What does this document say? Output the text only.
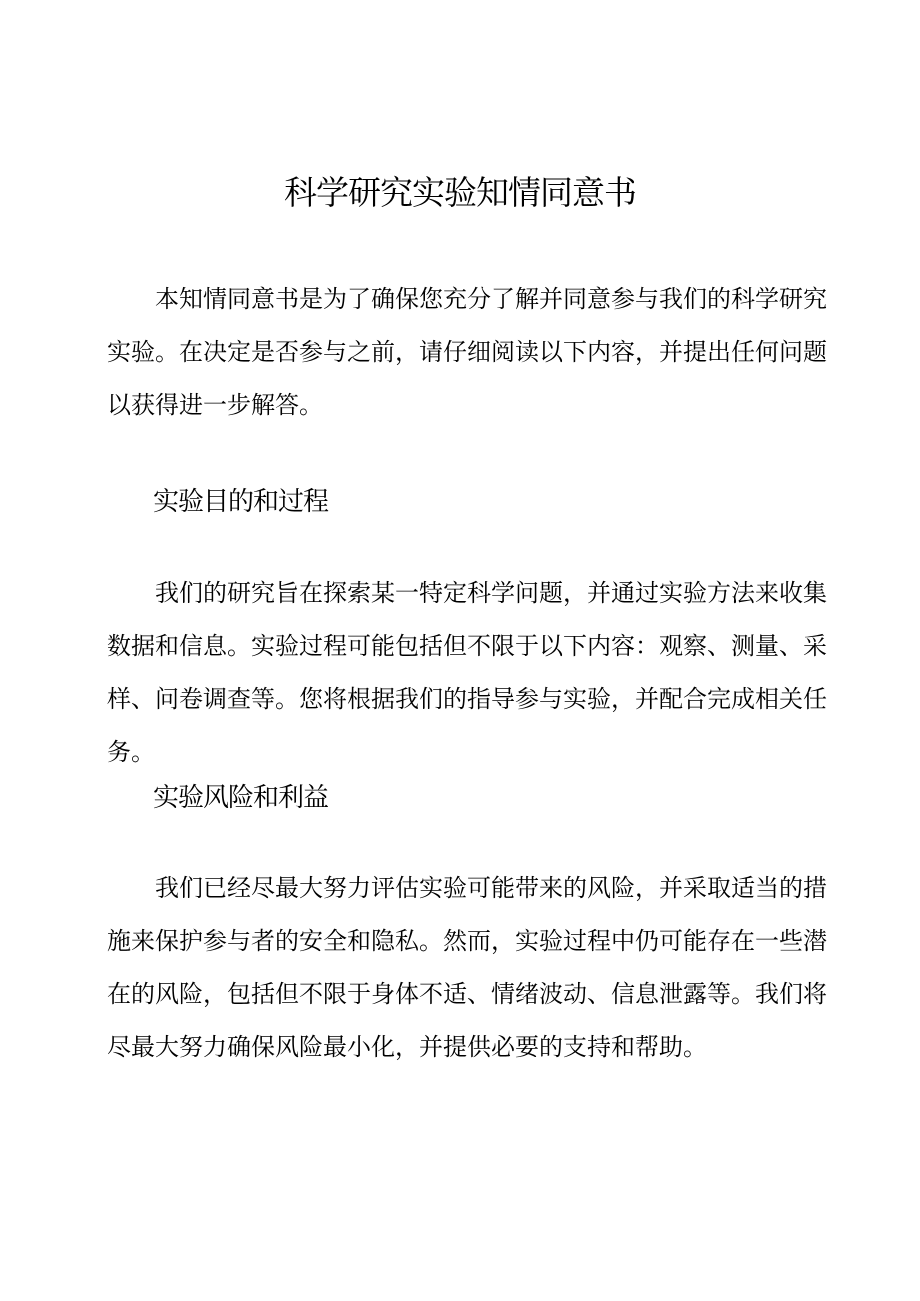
科学研究实验知情同意书

本知情同意书是为了确保您充分了解并同意参与我们的科学研究实验。在决定是否参与之前，请仔细阅读以下内容，并提出任何问题以获得进一步解答。

实验目的和过程

我们的研究旨在探索某一特定科学问题，并通过实验方法来收集数据和信息。实验过程可能包括但不限于以下内容：观察、测量、采样、问卷调查等。您将根据我们的指导参与实验，并配合完成相关任务。

实验风险和利益

我们已经尽最大努力评估实验可能带来的风险，并采取适当的措施来保护参与者的安全和隐私。然而，实验过程中仍可能存在一些潜在的风险，包括但不限于身体不适、情绪波动、信息泄露等。我们将尽最大努力确保风险最小化，并提供必要的支持和帮助。
